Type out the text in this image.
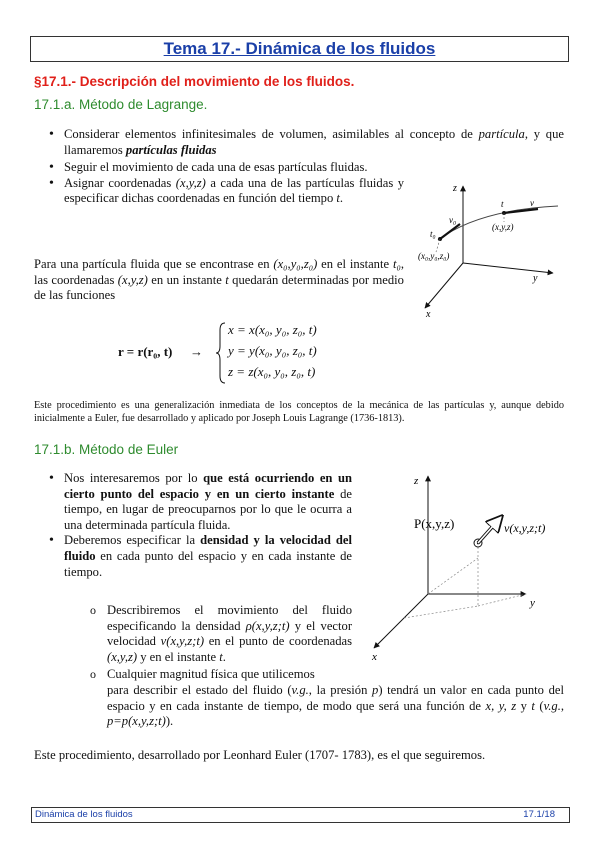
Tema 17.- Dinámica de los fluidos
§17.1.- Descripción del movimiento de los fluidos.
17.1.a. Método de Lagrange.
• Considerar elementos infinitesimales de volumen, asimilables al concepto de partícula, y que llamaremos partículas fluidas
• Seguir el movimiento de cada una de esas partículas fluidas.
• Asignar coordenadas (x,y,z) a cada una de las partículas fluidas y especificar dichas coordenadas en función del tiempo t.
z
y
x
t₀
v₀
t	v
(x,y,z)
(x₀,y₀,z₀)
Para una partícula fluida que se encontrase en (x₀,y₀,z₀) en el instante t₀, las coordenadas (x,y,z) en un instante t quedarán determinadas por medio de las funciones
r = r(r₀, t) →
x = x(x₀, y₀, z₀, t)
y = y(x₀, y₀, z₀, t)
z = z(x₀, y₀, z₀, t)
Este procedimiento es una generalización inmediata de los conceptos de la mecánica de las partículas y, aunque debido inicialmente a Euler, fue desarrollado y aplicado por Joseph Louis Lagrange (1736-1813).
17.1.b. Método de Euler
• Nos interesaremos por lo que está ocurriendo en un cierto punto del espacio y en un cierto instante de tiempo, en lugar de preocuparnos por lo que le ocurra a una determinada partícula fluida.
• Deberemos especificar la densidad y la velocidad del fluido en cada punto del espacio y en cada instante de tiempo.
o Describiremos el movimiento del fluido especificando la densidad ρ(x,y,z;t) y el vector velocidad v(x,y,z;t) en el punto de coordenadas (x,y,z) y en el instante t.
o Cualquier magnitud física que utilicemos
para describir el estado del fluido (v.g., la presión p) tendrá un valor en cada punto del espacio y en cada instante de tiempo, de modo que será una función de x, y, z y t (v.g., p=p(x,y,z;t)).
z
y
x
P(x,y,z)	v(x,y,z;t)
Este procedimiento, desarrollado por Leonhard Euler (1707- 1783), es el que seguiremos.
Dinámica de los fluidos	17.1/18
